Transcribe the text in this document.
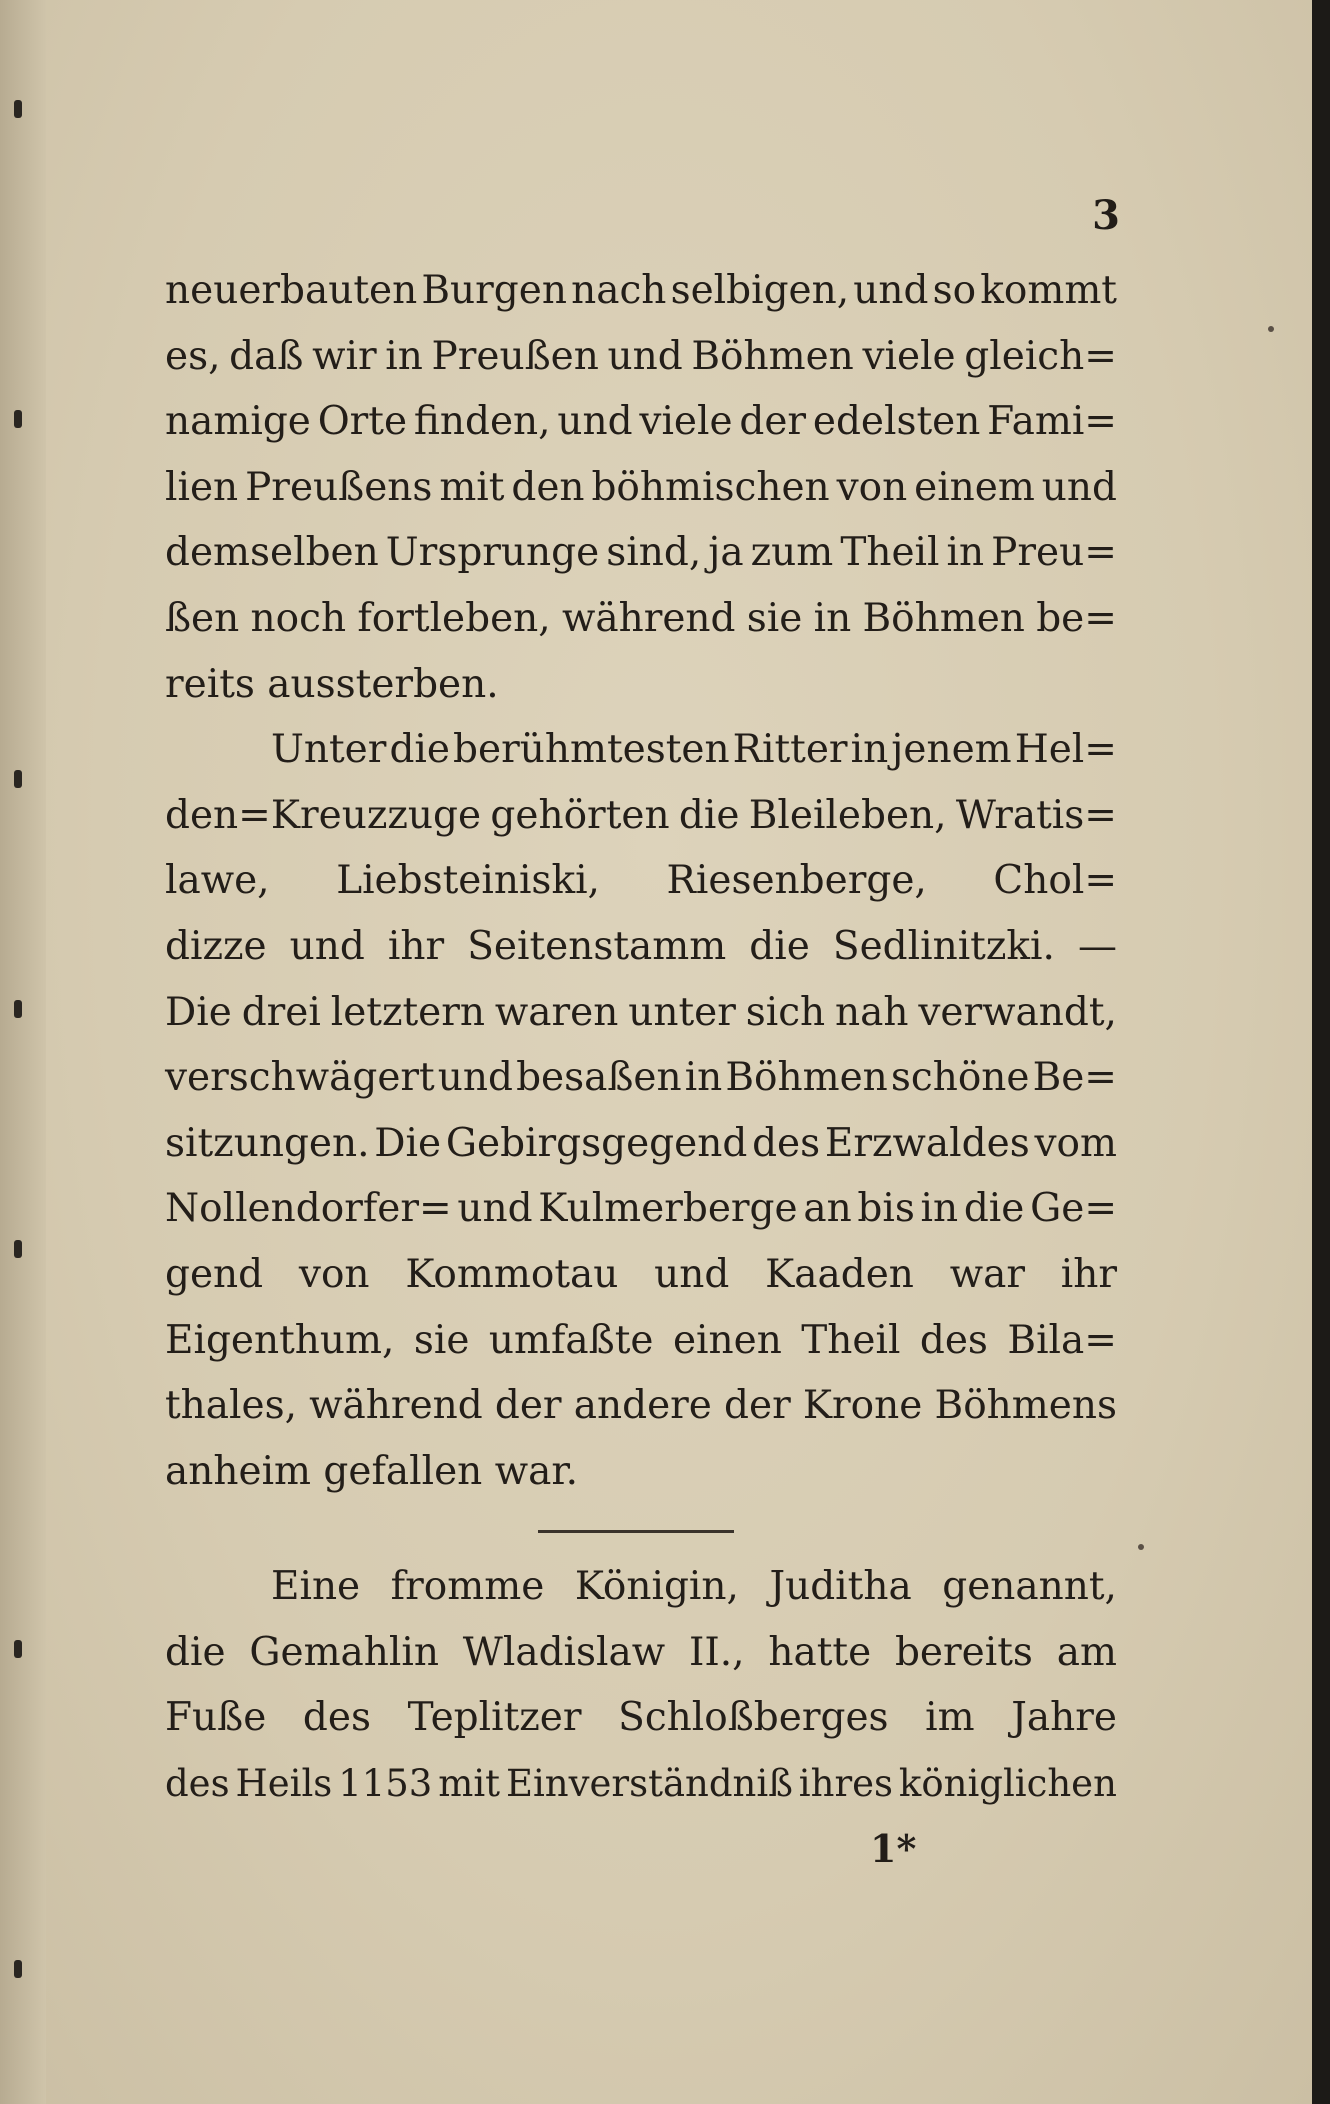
3
neuerbauten Burgen nach selbigen, und so kommt
es, daß wir in Preußen und Böhmen viele gleich=
namige Orte finden, und viele der edelsten Fami=
lien Preußens mit den böhmischen von einem und
demselben Ursprunge sind, ja zum Theil in Preu=
ßen noch fortleben, während sie in Böhmen be=
reits aussterben.
Unter die berühmtesten Ritter in jenem Hel=
den=Kreuzzuge gehörten die Bleileben, Wratis=
lawe, Liebsteiniski, Riesenberge, Chol=
dizze und ihr Seitenstamm die Sedlinitzki. —
Die drei letztern waren unter sich nah verwandt,
verschwägert und besaßen in Böhmen schöne Be=
sitzungen. Die Gebirgsgegend des Erzwaldes vom
Nollendorfer= und Kulmerberge an bis in die Ge=
gend von Kommotau und Kaaden war ihr
Eigenthum, sie umfaßte einen Theil des Bila=
thales, während der andere der Krone Böhmens
anheim gefallen war.
Eine fromme Königin, Juditha genannt,
die Gemahlin Wladislaw II., hatte bereits am
Fuße des Teplitzer Schloßberges im Jahre
des Heils 1153 mit Einverständniß ihres königlichen
1*
